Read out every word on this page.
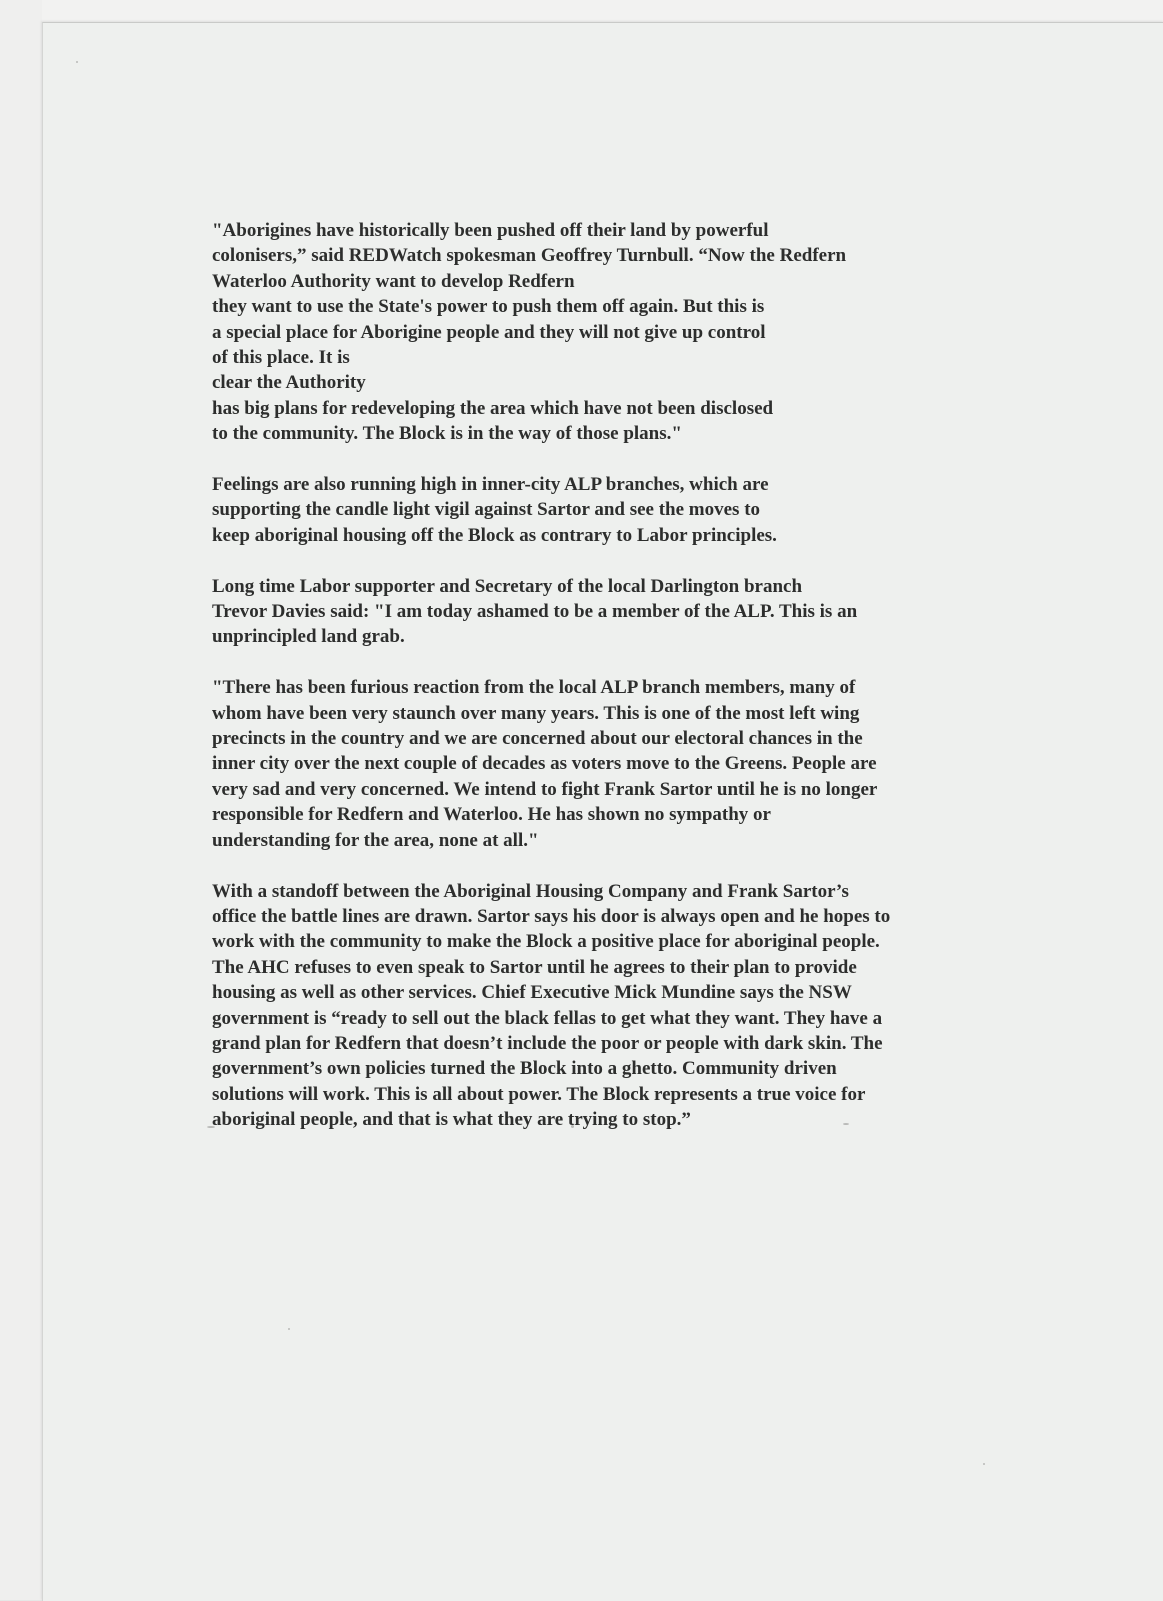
"Aborigines have historically been pushed off their land by powerful
colonisers,” said REDWatch spokesman Geoffrey Turnbull. “Now the Redfern
Waterloo Authority want to develop Redfern
they want to use the State's power to push them off again. But this is
a special place for Aborigine people and they will not give up control
of this place. It is
clear the Authority
has big plans for redeveloping the area which have not been disclosed
to the community. The Block is in the way of those plans."
Feelings are also running high in inner-city ALP branches, which are
supporting the candle light vigil against Sartor and see the moves to
keep aboriginal housing off the Block as contrary to Labor principles.
Long time Labor supporter and Secretary of the local Darlington branch
Trevor Davies said: "I am today ashamed to be a member of the ALP. This is an
unprincipled land grab.
"There has been furious reaction from the local ALP branch members, many of
whom have been very staunch over many years. This is one of the most left wing
precincts in the country and we are concerned about our electoral chances in the
inner city over the next couple of decades as voters move to the Greens. People are
very sad and very concerned. We intend to fight Frank Sartor until he is no longer
responsible for Redfern and Waterloo. He has shown no sympathy or
understanding for the area, none at all."
With a standoff between the Aboriginal Housing Company and Frank Sartor’s
office the battle lines are drawn. Sartor says his door is always open and he hopes to
work with the community to make the Block a positive place for aboriginal people.
The AHC refuses to even speak to Sartor until he agrees to their plan to provide
housing as well as other services. Chief Executive Mick Mundine says the NSW
government is “ready to sell out the black fellas to get what they want. They have a
grand plan for Redfern that doesn’t include the poor or people with dark skin. The
government’s own policies turned the Block into a ghetto. Community driven
solutions will work. This is all about power. The Block represents a true voice for
aboriginal people, and that is what they are trying to stop.”
